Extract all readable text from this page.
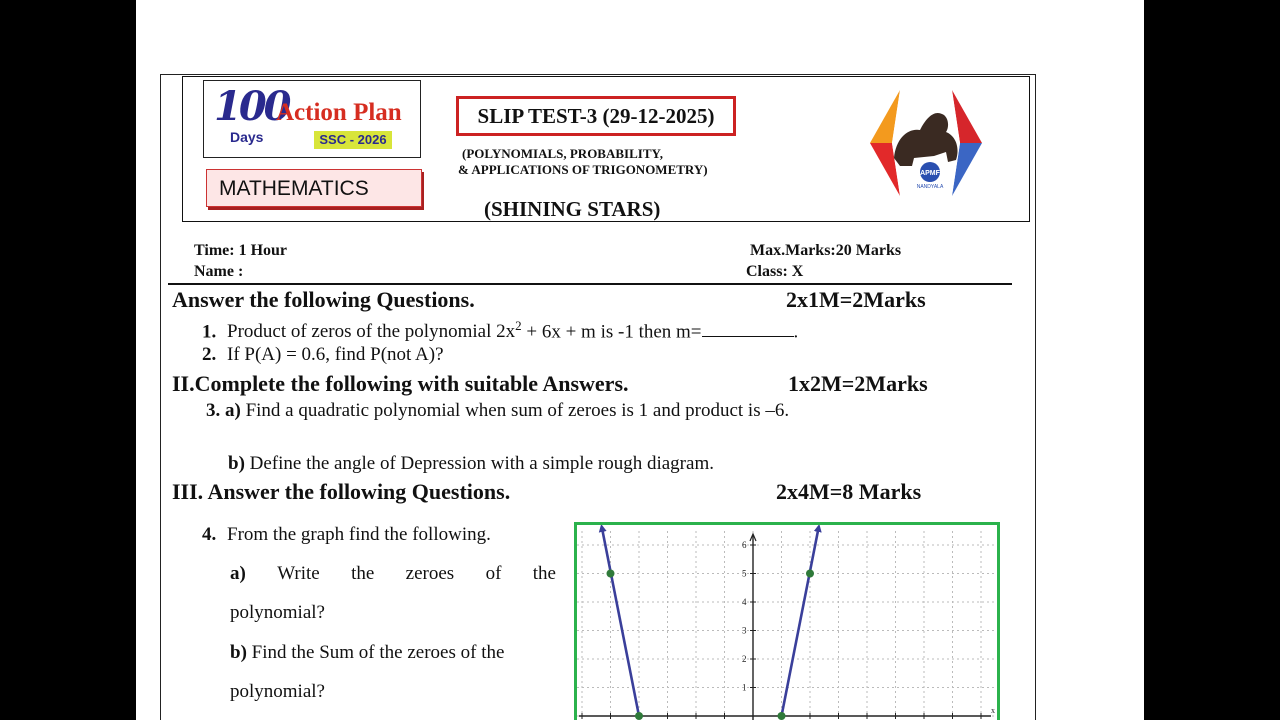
100
Days
Action Plan
SSC - 2026
MATHEMATICS
SLIP TEST-3 (29-12-2025)
(POLYNOMIALS, PROBABILITY,
& APPLICATIONS OF TRIGONOMETRY)
(SHINING STARS)
APMF
NANDYALA
Time: 1 Hour
Name :
Max.Marks:20 Marks
Class: X
Answer the following Questions.	2x1M=2Marks
1. Product of zeros of the polynomial $2x^2 + 6x + m$ is -1 then m=	.
2. If P(A) = 0.6, find P(not A)?
II.Complete the following with suitable Answers.	1x2M=2Marks
3. a) Find a quadratic polynomial when sum of zeroes is 1 and product is –6.
b) Define the angle of Depression with a simple rough diagram.
III. Answer the following Questions.	2x4M=8 Marks
4. From the graph find the following.
a) Write the zeroes of the
polynomial?
b) Find the Sum of the zeroes of the
polynomial?
x
1
2
3
4
5
6
